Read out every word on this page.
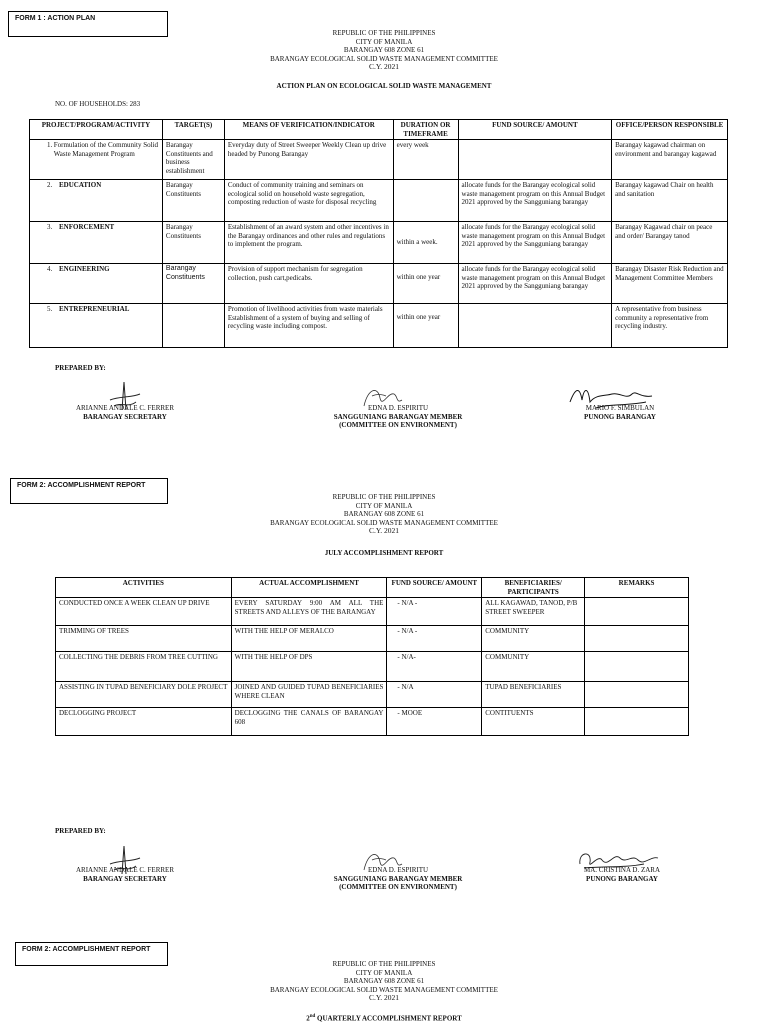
FORM 1 : ACTION PLAN
REPUBLIC OF THE PHILIPPINES
CITY OF MANILA
BARANGAY 608 ZONE 61
BARANGAY ECOLOGICAL SOLID WASTE MANAGEMENT COMMITTEE
C.Y. 2021
ACTION PLAN ON ECOLOGICAL SOLID WASTE MANAGEMENT
NO. OF HOUSEHOLDS: 283
PROJECT/PROGRAM/ACTIVITY	TARGET(S)	MEANS OF VERIFICATION/INDICATOR	DURATION OR TIMEFRAME	FUND SOURCE/ AMOUNT	OFFICE/PERSON RESPONSIBLE

1. Formulation of the Community Solid Waste Management Program	Barangay Constituents and business establishment	Everyday duty of Street Sweeper Weekly Clean up drive headed by Punong Barangay	every week		Barangay kagawad chairman on environment and barangay kagawad

2. EDUCATION	Barangay Constituents	Conduct of community training and seminars on ecological solid on household waste segregation, composting reduction of waste for disposal recycling		allocate funds for the Barangay ecological solid waste management program on this Annual Budget 2021 approved by the Sangguniang barangay	Barangay kagawad Chair on health and sanitation

3. ENFORCEMENT	Barangay Constituents	Establishment of an award system and other incentives in the Barangay ordinances and other rules and regulations to implement the program.	within a week.	allocate funds for the Barangay ecological solid waste management program on this Annual Budget 2021 approved by the Sangguniang barangay	Barangay Kagawad chair on peace and order/ Barangay tanod

4. ENGINEERING	Barangay Constituents	Provision of support mechanism for segregation collection, push cart,pedicabs.	within one year	allocate funds for the Barangay ecological solid waste management program on this Annual Budget 2021 approved by the Sangguniang barangay	Barangay Disaster Risk Reduction and Management Committee Members

5. ENTREPRENEURIAL		Promotion of livelihood activities from waste materials Establishment of a system of buying and selling of recycling waste including compost.	within one year		A representative from business community a representative from recycling industry.
PREPARED BY:
ARIANNE ANDALE C. FERRER
BARANGAY SECRETARY
EDNA D. ESPIRITU
SANGGUNIANG BARANGAY MEMBER
(COMMITTEE ON ENVIRONMENT)
MARIO F. SIMBULAN
PUNONG BARANGAY
FORM 2: ACCOMPLISHMENT REPORT
REPUBLIC OF THE PHILIPPINES
CITY OF MANILA
BARANGAY 608 ZONE 61
BARANGAY ECOLOGICAL SOLID WASTE MANAGEMENT COMMITTEE
C.Y. 2021
JULY ACCOMPLISHMENT REPORT
ACTIVITIES	ACTUAL ACCOMPLISHMENT	FUND SOURCE/ AMOUNT	BENEFICIARIES/ PARTICIPANTS	REMARKS
CONDUCTED ONCE A WEEK CLEAN UP DRIVE	EVERY SATURDAY 9:00 AM ALL THE STREETS AND ALLEYS OF THE BARANGAY	- N/A -	ALL KAGAWAD, TANOD, P/B STREET SWEEPER	
TRIMMING OF TREES	WITH THE HELP OF MERALCO	- N/A -	COMMUNITY	
COLLECTING THE DEBRIS FROM TREE CUTTING	WITH THE HELP OF DPS	- N/A-	COMMUNITY	
ASSISTING IN TUPAD BENEFICIARY DOLE PROJECT	JOINED AND GUIDED TUPAD BENEFICIARIES WHERE CLEAN	- N/A	TUPAD BENEFICIARIES	
DECLOGGING PROJECT	DECLOGGING THE CANALS OF BARANGAY 608	- MOOE	CONTITUENTS	
PREPARED BY:
ARIANNE ANDALE C. FERRER
BARANGAY SECRETARY
EDNA D. ESPIRITU
SANGGUNIANG BARANGAY MEMBER
(COMMITTEE ON ENVIRONMENT)
MA. CRISTINA D. ZARA
PUNONG BARANGAY
FORM 2: ACCOMPLISHMENT REPORT
REPUBLIC OF THE PHILIPPINES
CITY OF MANILA
BARANGAY 608 ZONE 61
BARANGAY ECOLOGICAL SOLID WASTE MANAGEMENT COMMITTEE
C.Y. 2021
2nd QUARTERLY ACCOMPLISHMENT REPORT
